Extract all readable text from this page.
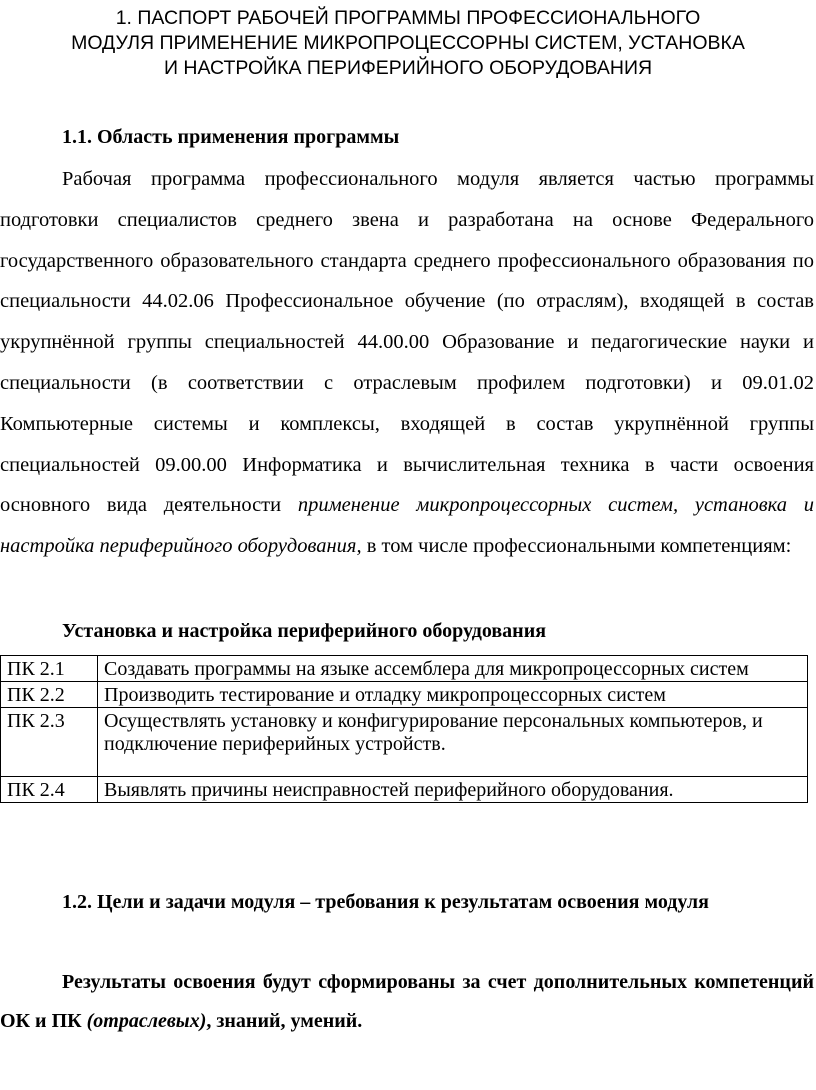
1. ПАСПОРТ РАБОЧЕЙ ПРОГРАММЫ ПРОФЕССИОНАЛЬНОГО
МОДУЛЯ ПРИМЕНЕНИЕ МИКРОПРОЦЕССОРНЫ СИСТЕМ, УСТАНОВКА
И НАСТРОЙКА ПЕРИФЕРИЙНОГО ОБОРУДОВАНИЯ
1.1. Область применения программы
Рабочая программа профессионального модуля является частью программы подготовки специалистов среднего звена и разработана на основе Федерального государственного образовательного стандарта среднего профессионального образования по специальности 44.02.06 Профессиональное обучение (по отраслям), входящей в состав укрупнённой группы специальностей 44.00.00 Образование и педагогические науки и специальности (в соответствии с отраслевым профилем подготовки) и 09.01.02 Компьютерные системы и комплексы, входящей в состав укрупнённой группы специальностей 09.00.00 Информатика и вычислительная техника в части освоения основного вида деятельности применение микропроцессорных систем, установка и настройка периферийного оборудования, в том числе профессиональными компетенциям:
Установка и настройка периферийного оборудования
ПК 2.1	Создавать программы на языке ассемблера для микропроцессорных систем
ПК 2.2	Производить тестирование и отладку микропроцессорных систем
ПК 2.3	Осуществлять установку и конфигурирование персональных компьютеров, и подключение периферийных устройств.
ПК 2.4	Выявлять причины неисправностей периферийного оборудования.
1.2. Цели и задачи модуля – требования к результатам освоения модуля
Результаты освоения будут сформированы за счет дополнительных компетенций ОК и ПК (отраслевых), знаний, умений.
